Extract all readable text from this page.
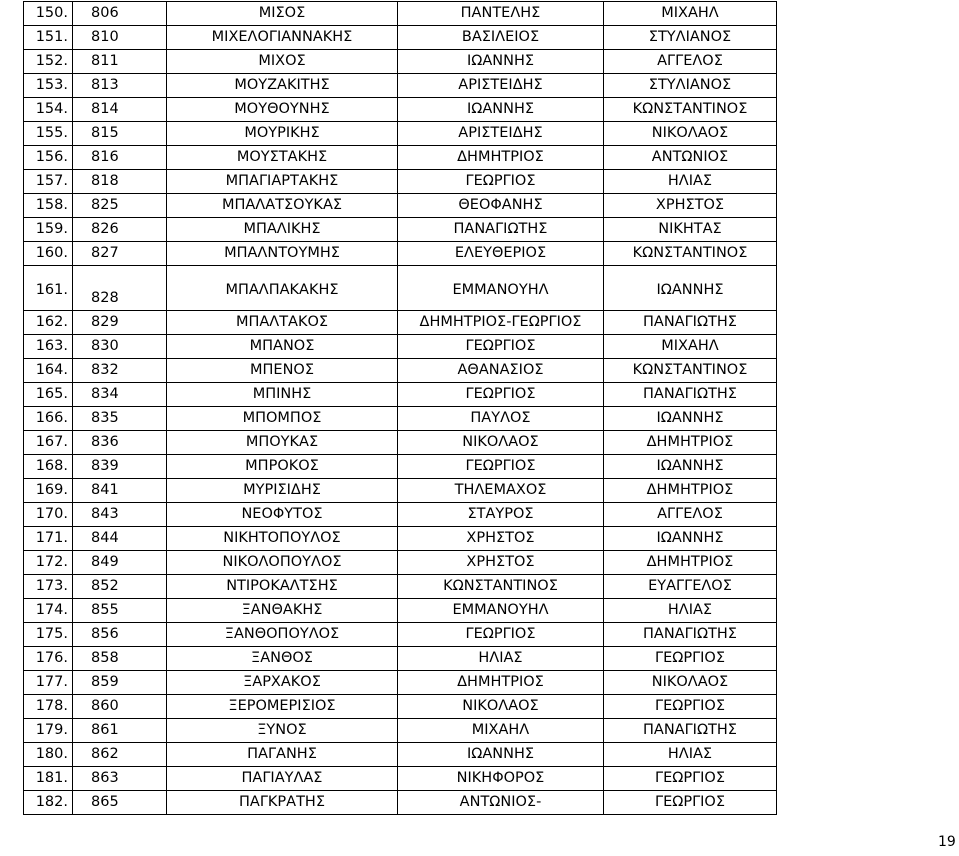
150.	806	ΜΙΣΟΣ	ΠΑΝΤΕΛΗΣ	ΜΙΧΑΗΛ
151.	810	ΜΙΧΕΛΟΓΙΑΝΝΑΚΗΣ	ΒΑΣΙΛΕΙΟΣ	ΣΤΥΛΙΑΝΟΣ
152.	811	ΜΙΧΟΣ	ΙΩΑΝΝΗΣ	ΑΓΓΕΛΟΣ
153.	813	ΜΟΥΖΑΚΙΤΗΣ	ΑΡΙΣΤΕΙΔΗΣ	ΣΤΥΛΙΑΝΟΣ
154.	814	ΜΟΥΘΟΥΝΗΣ	ΙΩΑΝΝΗΣ	ΚΩΝΣΤΑΝΤΙΝΟΣ
155.	815	ΜΟΥΡΙΚΗΣ	ΑΡΙΣΤΕΙΔΗΣ	ΝΙΚΟΛΑΟΣ
156.	816	ΜΟΥΣΤΑΚΗΣ	ΔΗΜΗΤΡΙΟΣ	ΑΝΤΩΝΙΟΣ
157.	818	ΜΠΑΓΙΑΡΤΑΚΗΣ	ΓΕΩΡΓΙΟΣ	ΗΛΙΑΣ
158.	825	ΜΠΑΛΑΤΣΟΥΚΑΣ	ΘΕΟΦΑΝΗΣ	ΧΡΗΣΤΟΣ
159.	826	ΜΠΑΛΙΚΗΣ	ΠΑΝΑΓΙΩΤΗΣ	ΝΙΚΗΤΑΣ
160.	827	ΜΠΑΛΝΤΟΥΜΗΣ	ΕΛΕΥΘΕΡΙΟΣ	ΚΩΝΣΤΑΝΤΙΝΟΣ
161.	828	ΜΠΑΛΠΑΚΑΚΗΣ	ΕΜΜΑΝΟΥΗΛ	ΙΩΑΝΝΗΣ
162.	829	ΜΠΑΛΤΑΚΟΣ	ΔΗΜΗΤΡΙΟΣ-ΓΕΩΡΓΙΟΣ	ΠΑΝΑΓΙΩΤΗΣ
163.	830	ΜΠΑΝΟΣ	ΓΕΩΡΓΙΟΣ	ΜΙΧΑΗΛ
164.	832	ΜΠΕΝΟΣ	ΑΘΑΝΑΣΙΟΣ	ΚΩΝΣΤΑΝΤΙΝΟΣ
165.	834	ΜΠΙΝΗΣ	ΓΕΩΡΓΙΟΣ	ΠΑΝΑΓΙΩΤΗΣ
166.	835	ΜΠΟΜΠΟΣ	ΠΑΥΛΟΣ	ΙΩΑΝΝΗΣ
167.	836	ΜΠΟΥΚΑΣ	ΝΙΚΟΛΑΟΣ	ΔΗΜΗΤΡΙΟΣ
168.	839	ΜΠΡΟΚΟΣ	ΓΕΩΡΓΙΟΣ	ΙΩΑΝΝΗΣ
169.	841	ΜΥΡΙΣΙΔΗΣ	ΤΗΛΕΜΑΧΟΣ	ΔΗΜΗΤΡΙΟΣ
170.	843	ΝΕΟΦΥΤΟΣ	ΣΤΑΥΡΟΣ	ΑΓΓΕΛΟΣ
171.	844	ΝΙΚΗΤΟΠΟΥΛΟΣ	ΧΡΗΣΤΟΣ	ΙΩΑΝΝΗΣ
172.	849	ΝΙΚΟΛΟΠΟΥΛΟΣ	ΧΡΗΣΤΟΣ	ΔΗΜΗΤΡΙΟΣ
173.	852	ΝΤΙΡΟΚΑΛΤΣΗΣ	ΚΩΝΣΤΑΝΤΙΝΟΣ	ΕΥΑΓΓΕΛΟΣ
174.	855	ΞΑΝΘΑΚΗΣ	ΕΜΜΑΝΟΥΗΛ	ΗΛΙΑΣ
175.	856	ΞΑΝΘΟΠΟΥΛΟΣ	ΓΕΩΡΓΙΟΣ	ΠΑΝΑΓΙΩΤΗΣ
176.	858	ΞΑΝΘΟΣ	ΗΛΙΑΣ	ΓΕΩΡΓΙΟΣ
177.	859	ΞΑΡΧΑΚΟΣ	ΔΗΜΗΤΡΙΟΣ	ΝΙΚΟΛΑΟΣ
178.	860	ΞΕΡΟΜΕΡΙΣΙΟΣ	ΝΙΚΟΛΑΟΣ	ΓΕΩΡΓΙΟΣ
179.	861	ΞΥΝΟΣ	ΜΙΧΑΗΛ	ΠΑΝΑΓΙΩΤΗΣ
180.	862	ΠΑΓΑΝΗΣ	ΙΩΑΝΝΗΣ	ΗΛΙΑΣ
181.	863	ΠΑΓΙΑΥΛΑΣ	ΝΙΚΗΦΟΡΟΣ	ΓΕΩΡΓΙΟΣ
182.	865	ΠΑΓΚΡΑΤΗΣ	ΑΝΤΩΝΙΟΣ-	ΓΕΩΡΓΙΟΣ
19
